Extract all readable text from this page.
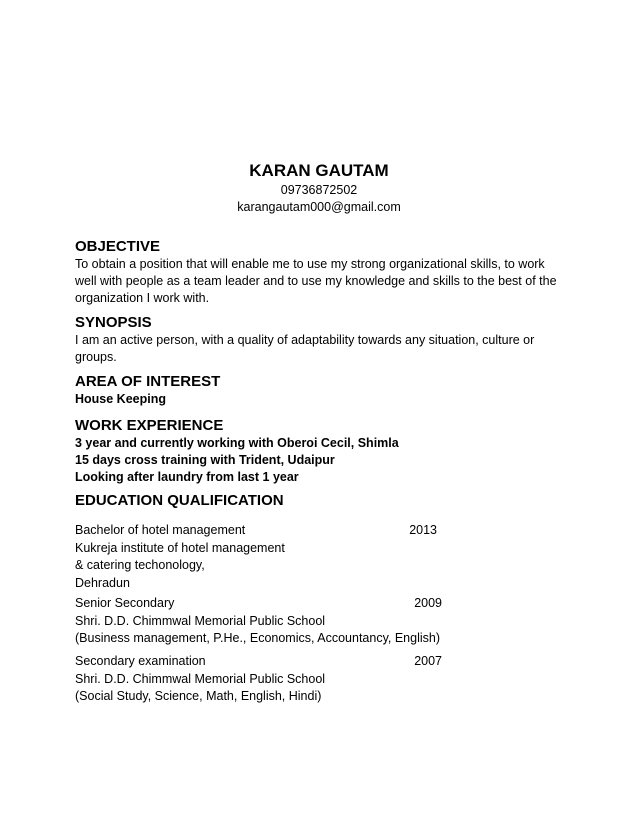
KARAN GAUTAM

09736872502

karangautam000@gmail.com

OBJECTIVE

To obtain a position that will enable me to use my strong organizational skills, to work well with people as a team leader and to use my knowledge and skills to the best of the organization I work with.

SYNOPSIS

I am an active person, with a quality of adaptability towards any situation, culture or groups.

AREA OF INTEREST

House Keeping

WORK EXPERIENCE

3 year and currently working with Oberoi Cecil, Shimla

15 days cross training with Trident, Udaipur

Looking after laundry from last 1 year

EDUCATION QUALIFICATION

Bachelor of hotel management	2013
Kukreja institute of hotel management
& catering techonology,
Dehradun
Senior Secondary	2009
Shri. D.D. Chimmwal Memorial Public School
(Business management, P.He., Economics, Accountancy, English)
Secondary examination	2007
Shri. D.D. Chimmwal Memorial Public School
(Social Study, Science, Math, English, Hindi)
